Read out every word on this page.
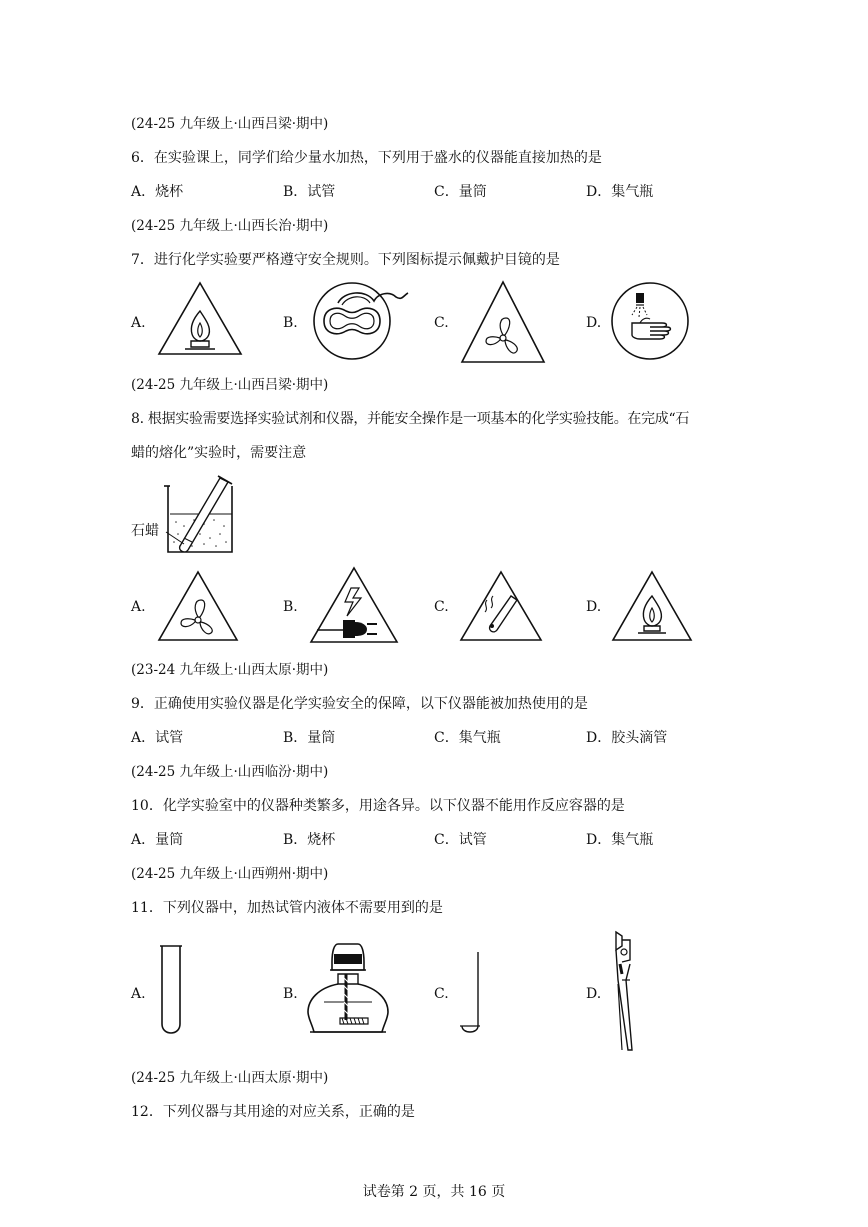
(24-25 九年级上·山西吕梁·期中)
6．在实验课上，同学们给少量水加热，下列用于盛水的仪器能直接加热的是
A．烧杯	B．试管	C．量筒	D．集气瓶
(24-25 九年级上·山西长治·期中)
7．进行化学实验要严格遵守安全规则。下列图标提示佩戴护目镜的是
A.	B.	C.	D.
(24-25 九年级上·山西吕梁·期中)
8. 根据实验需要选择实验试剂和仪器，并能安全操作是一项基本的化学实验技能。在完成“石
蜡的熔化”实验时，需要注意
石蜡
A.	B.	C.	D.
(23-24 九年级上·山西太原·期中)
9．正确使用实验仪器是化学实验安全的保障，以下仪器能被加热使用的是
A．试管	B．量筒	C．集气瓶	D．胶头滴管
(24-25 九年级上·山西临汾·期中)
10．化学实验室中的仪器种类繁多，用途各异。以下仪器不能用作反应容器的是
A．量筒	B．烧杯	C．试管	D．集气瓶
(24-25 九年级上·山西朔州·期中)
11．下列仪器中，加热试管内液体不需要用到的是
A.	B.	C.	D.
(24-25 九年级上·山西太原·期中)
12．下列仪器与其用途的对应关系，正确的是
试卷第 2 页，共 16 页
